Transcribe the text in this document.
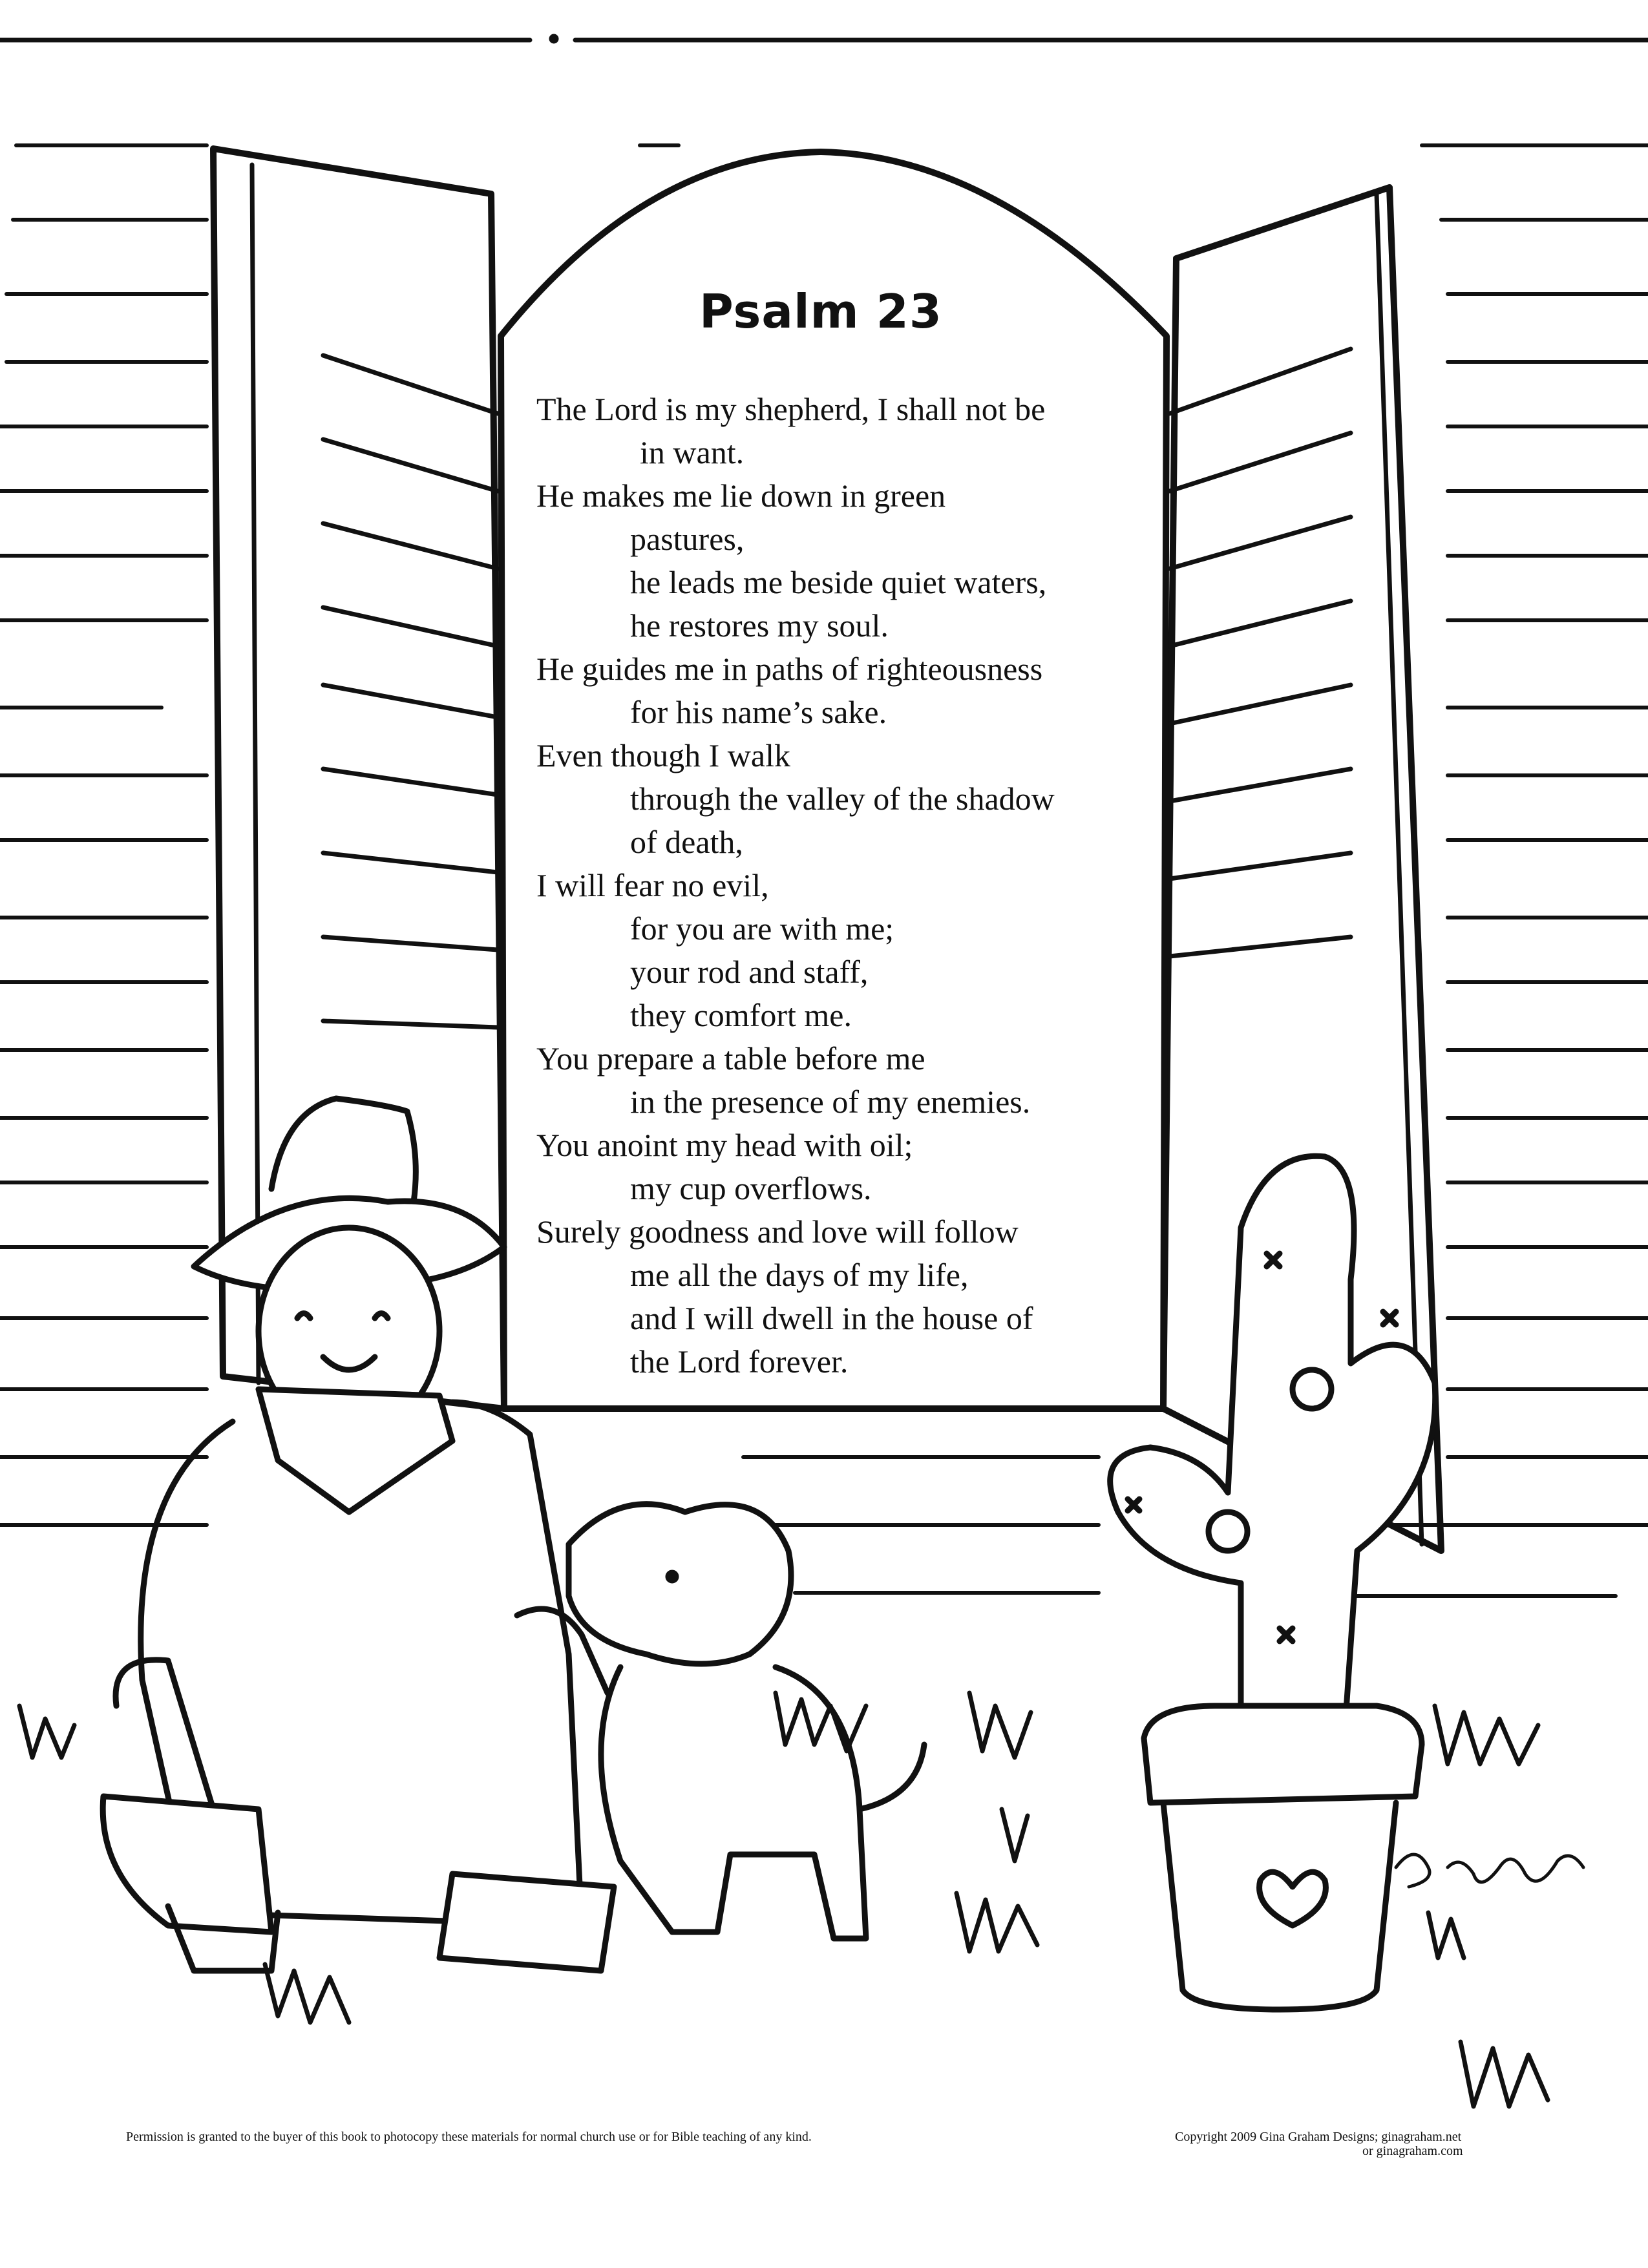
Psalm 23
The Lord is my shepherd, I shall not be
in want.
He makes me lie down in green
pastures,
he leads me beside quiet waters,
he restores my soul.
He guides me in paths of righteousness
for his name’s sake.
Even though I walk
through the valley of the shadow
of death,
I will fear no evil,
for you are with me;
your rod and staff,
they comfort me.
You prepare a table before me
in the presence of my enemies.
You anoint my head with oil;
my cup overflows.
Surely goodness and love will follow
me all the days of my life,
and I will dwell in the house of
the Lord forever.
Permission is granted to the buyer of this book to photocopy these materials for normal church use or for Bible teaching of any kind.	Copyright 2009 Gina Graham Designs; ginagraham.net
or ginagraham.com
